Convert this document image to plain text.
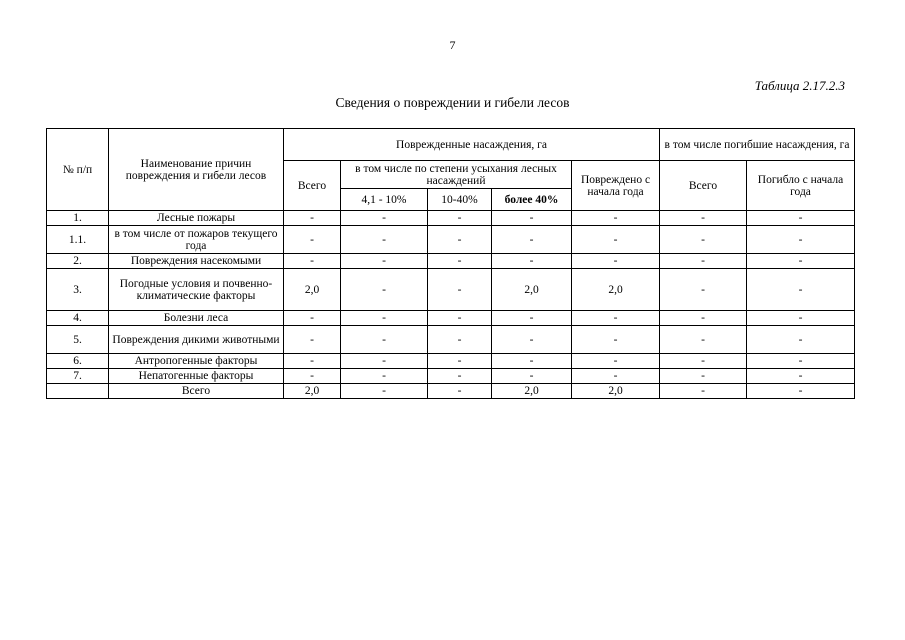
7
Таблица 2.17.2.3
Сведения о повреждении и гибели лесов
№ п/п	Наименование причин повреждения и гибели лесов	Поврежденные насаждения, га					в том числе погибшие насаждения, га	
		Всего	в том числе по степени усыхания лесных насаждений			Повреждено с начала года	Всего	Погибло с начала года
			4,1 - 10%	10-40%	более 40%			
1.	Лесные пожары	-	-	-	-	-	-	-
1.1.	в том числе от пожаров текущего года	-	-	-	-	-	-	-
2.	Повреждения насекомыми	-	-	-	-	-	-	-
3.	Погодные условия и почвенно-климатические факторы	2,0	-	-	2,0	2,0	-	-
4.	Болезни леса	-	-	-	-	-	-	-
5.	Повреждения дикими животными	-	-	-	-	-	-	-
6.	Антропогенные факторы	-	-	-	-	-	-	-
7.	Непатогенные факторы	-	-	-	-	-	-	-
	Всего	2,0	-	-	2,0	2,0	-	-
